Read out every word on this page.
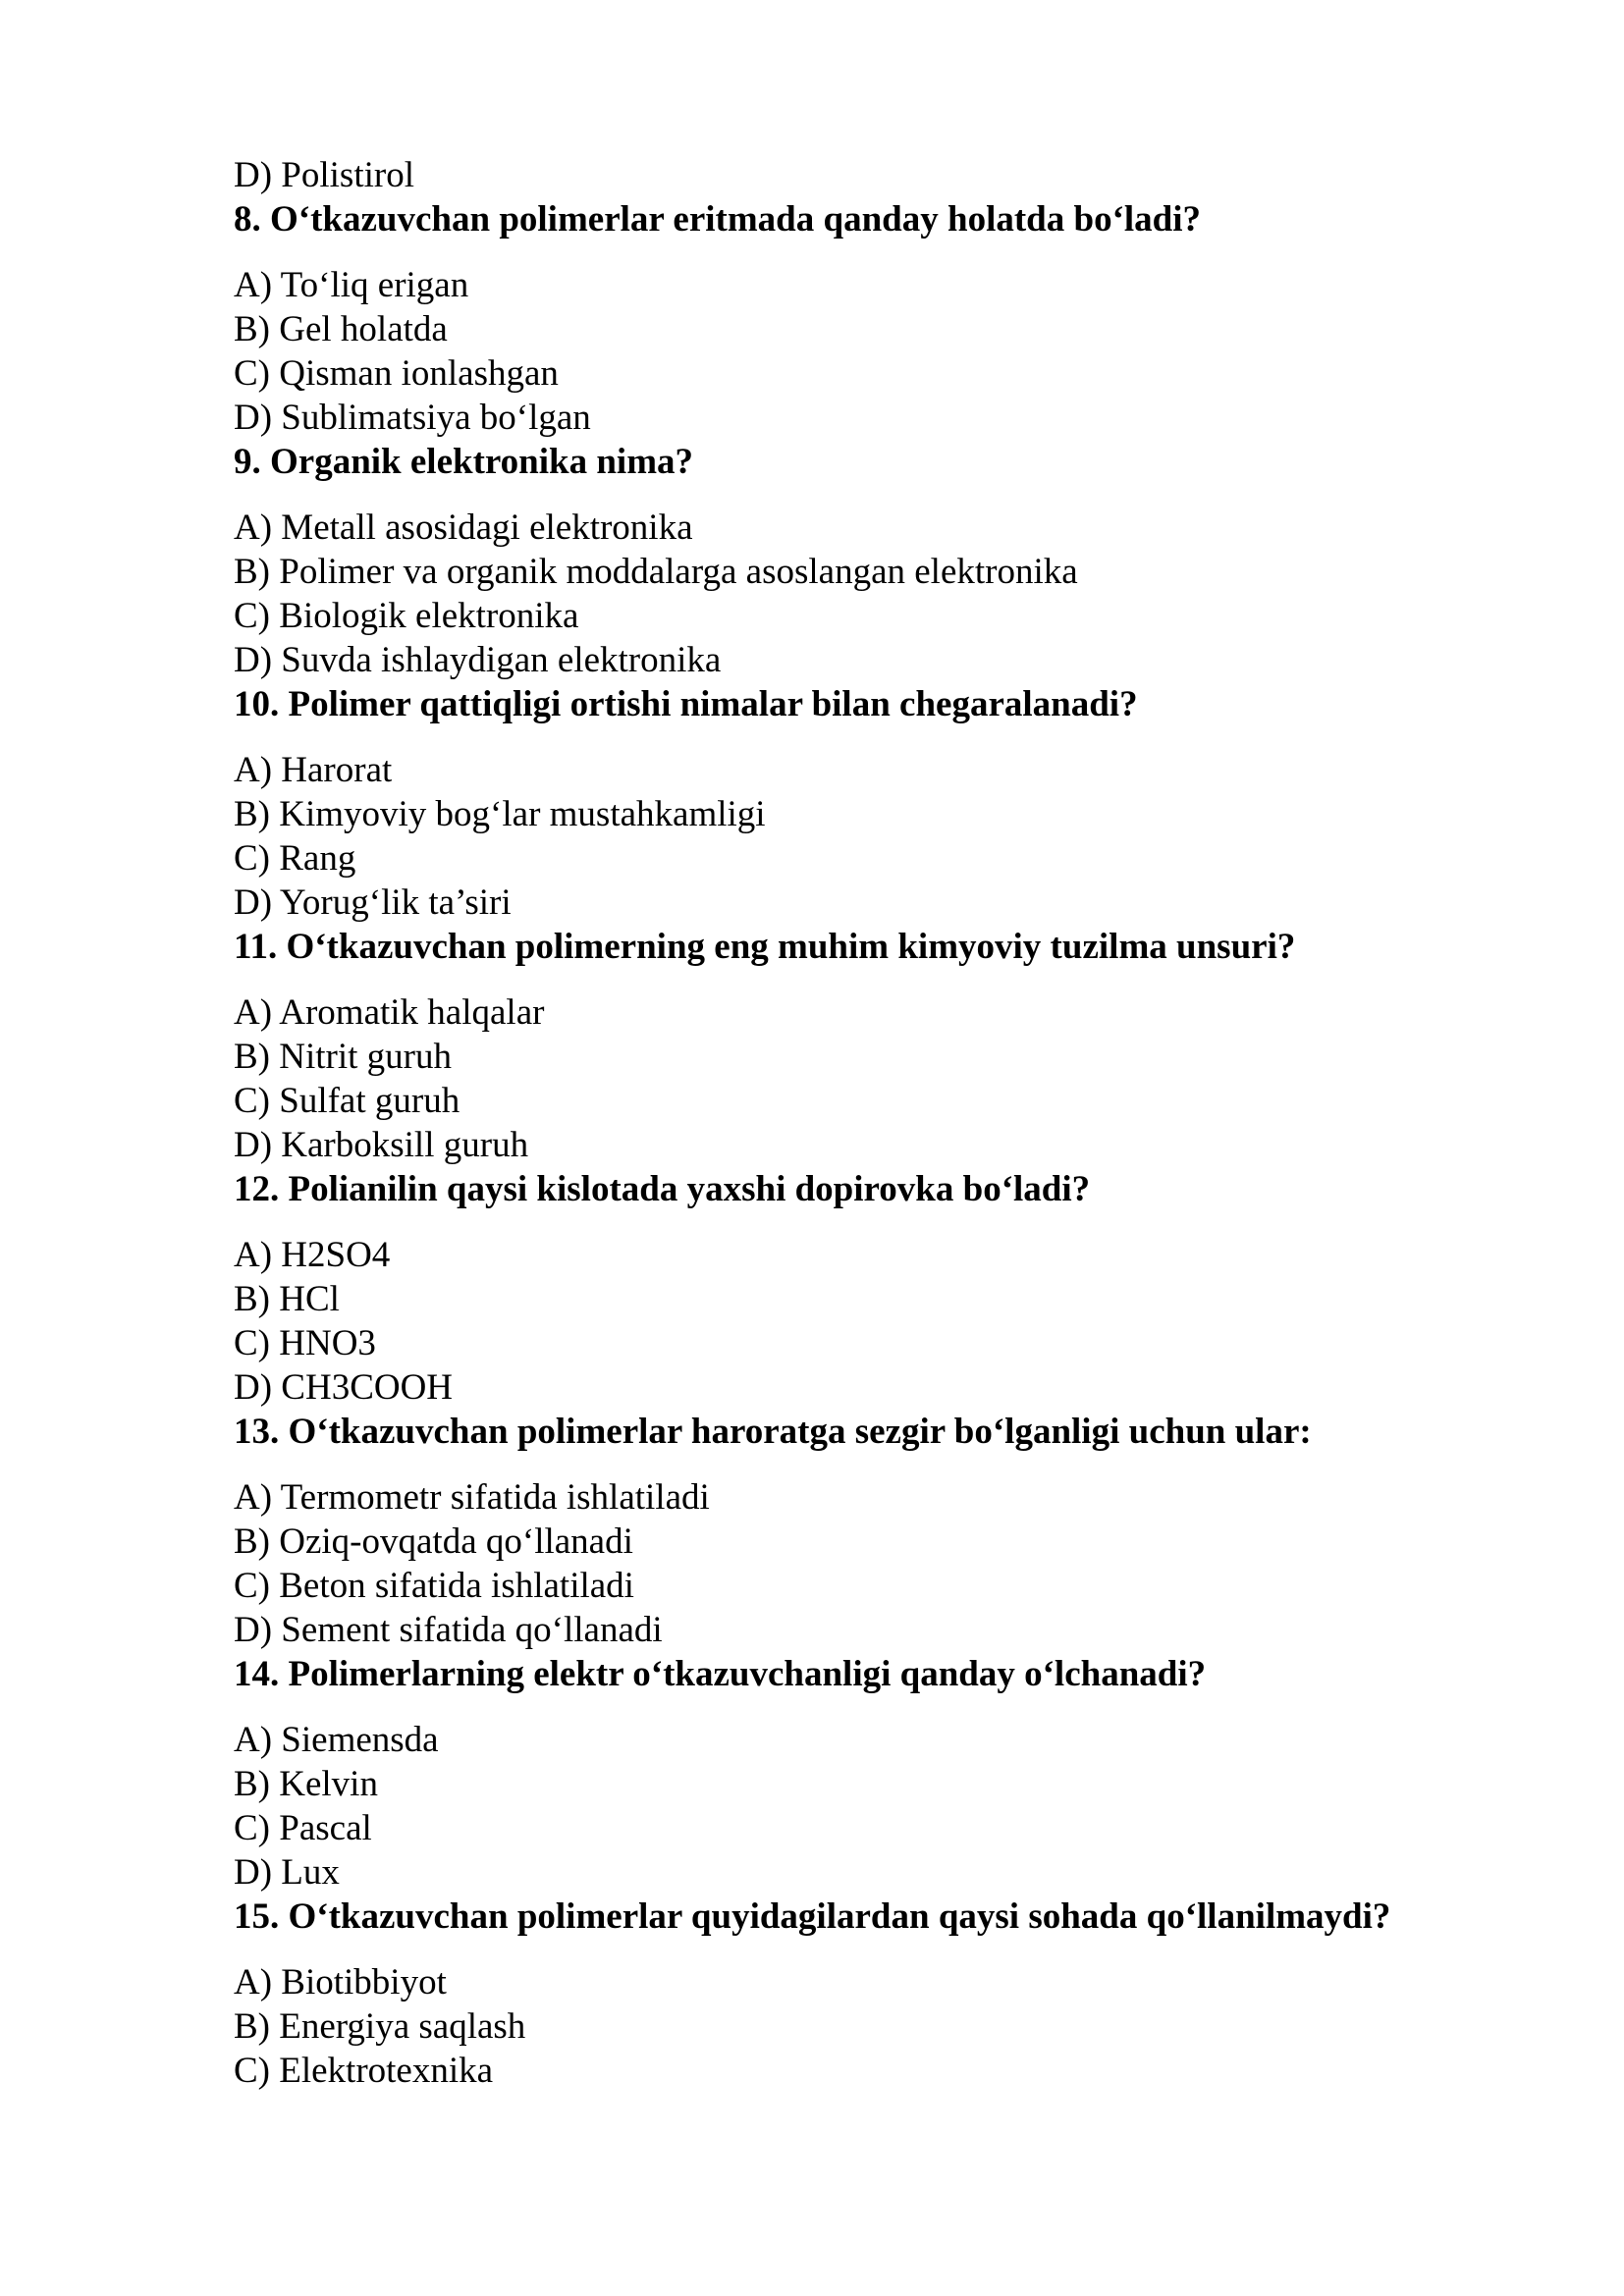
D) Polistirol
8. O‘tkazuvchan polimerlar eritmada qanday holatda bo‘ladi?
A) To‘liq erigan
B) Gel holatda
C) Qisman ionlashgan
D) Sublimatsiya bo‘lgan
9. Organik elektronika nima?
A) Metall asosidagi elektronika
B) Polimer va organik moddalarga asoslangan elektronika
C) Biologik elektronika
D) Suvda ishlaydigan elektronika
10. Polimer qattiqligi ortishi nimalar bilan chegaralanadi?
A) Harorat
B) Kimyoviy bog‘lar mustahkamligi
C) Rang
D) Yorug‘lik ta’siri
11. O‘tkazuvchan polimerning eng muhim kimyoviy tuzilma unsuri?
A) Aromatik halqalar
B) Nitrit guruh
C) Sulfat guruh
D) Karboksill guruh
12. Polianilin qaysi kislotada yaxshi dopirovka bo‘ladi?
A) H2SO4
B) HCl
C) HNO3
D) CH3COOH
13. O‘tkazuvchan polimerlar haroratga sezgir bo‘lganligi uchun ular:
A) Termometr sifatida ishlatiladi
B) Oziq-ovqatda qo‘llanadi
C) Beton sifatida ishlatiladi
D) Sement sifatida qo‘llanadi
14. Polimerlarning elektr o‘tkazuvchanligi qanday o‘lchanadi?
A) Siemensda
B) Kelvin
C) Pascal
D) Lux
15. O‘tkazuvchan polimerlar quyidagilardan qaysi sohada qo‘llanilmaydi?
A) Biotibbiyot
B) Energiya saqlash
C) Elektrotexnika
